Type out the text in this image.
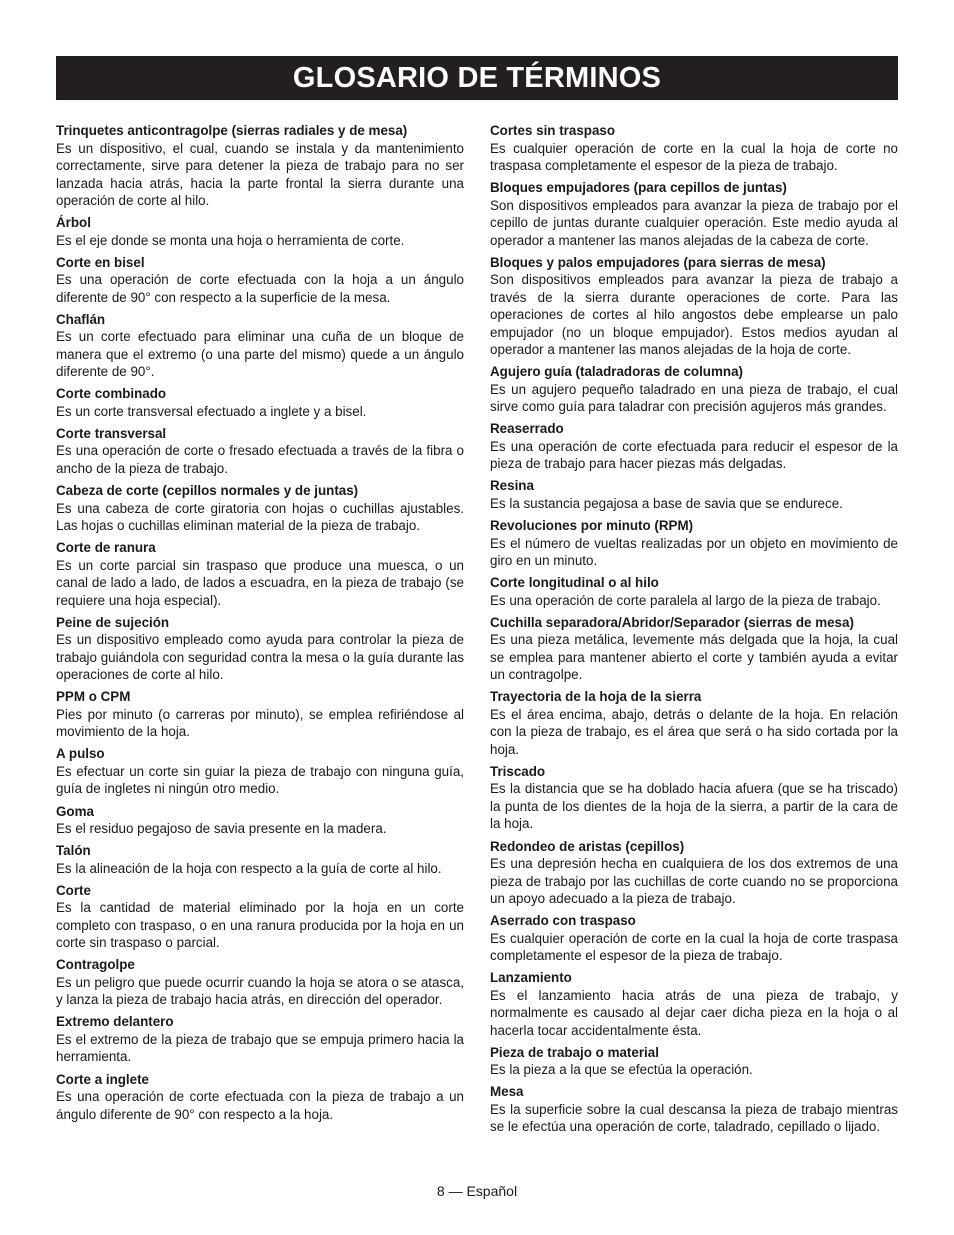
GLOSARIO DE TÉRMINOS
Trinquetes anticontragolpe (sierras radiales y de mesa)
Es un dispositivo, el cual, cuando se instala y da mantenimiento correctamente, sirve para detener la pieza de trabajo para no ser lanzada hacia atrás, hacia la parte frontal la sierra durante una operación de corte al hilo.
Árbol
Es el eje donde se monta una hoja o herramienta de corte.
Corte en bisel
Es una operación de corte efectuada con la hoja a un ángulo diferente de 90° con respecto a la superficie de la mesa.
Chaflán
Es un corte efectuado para eliminar una cuña de un bloque de manera que el extremo (o una parte del mismo) quede a un ángulo diferente de 90°.
Corte combinado
Es un corte transversal efectuado a inglete y a bisel.
Corte transversal
Es una operación de corte o fresado efectuada a través de la fibra o ancho de la pieza de trabajo.
Cabeza de corte (cepillos normales y de juntas)
Es una cabeza de corte giratoria con hojas o cuchillas ajustables. Las hojas o cuchillas eliminan material de la pieza de trabajo.
Corte de ranura
Es un corte parcial sin traspaso que produce una muesca, o un canal de lado a lado, de lados a escuadra, en la pieza de trabajo (se requiere una hoja especial).
Peine de sujeción
Es un dispositivo empleado como ayuda para controlar la pieza de trabajo guiándola con seguridad contra la mesa o la guía durante las operaciones de corte al hilo.
PPM o CPM
Pies por minuto (o carreras por minuto), se emplea refiriéndose al movimiento de la hoja.
A pulso
Es efectuar un corte sin guiar la pieza de trabajo con ninguna guía, guía de ingletes ni ningún otro medio.
Goma
Es el residuo pegajoso de savia presente en la madera.
Talón
Es la alineación de la hoja con respecto a la guía de corte al hilo.
Corte
Es la cantidad de material eliminado por la hoja en un corte completo con traspaso, o en una ranura producida por la hoja en un corte sin traspaso o parcial.
Contragolpe
Es un peligro que puede ocurrir cuando la hoja se atora o se atasca, y lanza la pieza de trabajo hacia atrás, en dirección del operador.
Extremo delantero
Es el extremo de la pieza de trabajo que se empuja primero hacia la herramienta.
Corte a inglete
Es una operación de corte efectuada con la pieza de trabajo a un ángulo diferente de 90° con respecto a la hoja.
Cortes sin traspaso
Es cualquier operación de corte en la cual la hoja de corte no traspasa completamente el espesor de la pieza de trabajo.
Bloques empujadores (para cepillos de juntas)
Son dispositivos empleados para avanzar la pieza de trabajo por el cepillo de juntas durante cualquier operación. Este medio ayuda al operador a mantener las manos alejadas de la cabeza de corte.
Bloques y palos empujadores (para sierras de mesa)
Son dispositivos empleados para avanzar la pieza de trabajo a través de la sierra durante operaciones de corte. Para las operaciones de cortes al hilo angostos debe emplearse un palo empujador (no un bloque empujador). Estos medios ayudan al operador a mantener las manos alejadas de la hoja de corte.
Agujero guía (taladradoras de columna)
Es un agujero pequeño taladrado en una pieza de trabajo, el cual sirve como guía para taladrar con precisión agujeros más grandes.
Reaserrado
Es una operación de corte efectuada para reducir el espesor de la pieza de trabajo para hacer piezas más delgadas.
Resina
Es la sustancia pegajosa a base de savia que se endurece.
Revoluciones por minuto (RPM)
Es el número de vueltas realizadas por un objeto en movimiento de giro en un minuto.
Corte longitudinal o al hilo
Es una operación de corte paralela al largo de la pieza de trabajo.
Cuchilla separadora/Abridor/Separador (sierras de mesa)
Es una pieza metálica, levemente más delgada que la hoja, la cual se emplea para mantener abierto el corte y también ayuda a evitar un contragolpe.
Trayectoria de la hoja de la sierra
Es el área encima, abajo, detrás o delante de la hoja. En relación con la pieza de trabajo, es el área que será o ha sido cortada por la hoja.
Triscado
Es la distancia que se ha doblado hacia afuera (que se ha triscado) la punta de los dientes de la hoja de la sierra, a partir de la cara de la hoja.
Redondeo de aristas (cepillos)
Es una depresión hecha en cualquiera de los dos extremos de una pieza de trabajo por las cuchillas de corte cuando no se proporciona un apoyo adecuado a la pieza de trabajo.
Aserrado con traspaso
Es cualquier operación de corte en la cual la hoja de corte traspasa completamente el espesor de la pieza de trabajo.
Lanzamiento
Es el lanzamiento hacia atrás de una pieza de trabajo, y normalmente es causado al dejar caer dicha pieza en la hoja o al hacerla tocar accidentalmente ésta.
Pieza de trabajo o material
Es la pieza a la que se efectúa la operación.
Mesa
Es la superficie sobre la cual descansa la pieza de trabajo mientras se le efectúa una operación de corte, taladrado, cepillado o lijado.
8 — Español
